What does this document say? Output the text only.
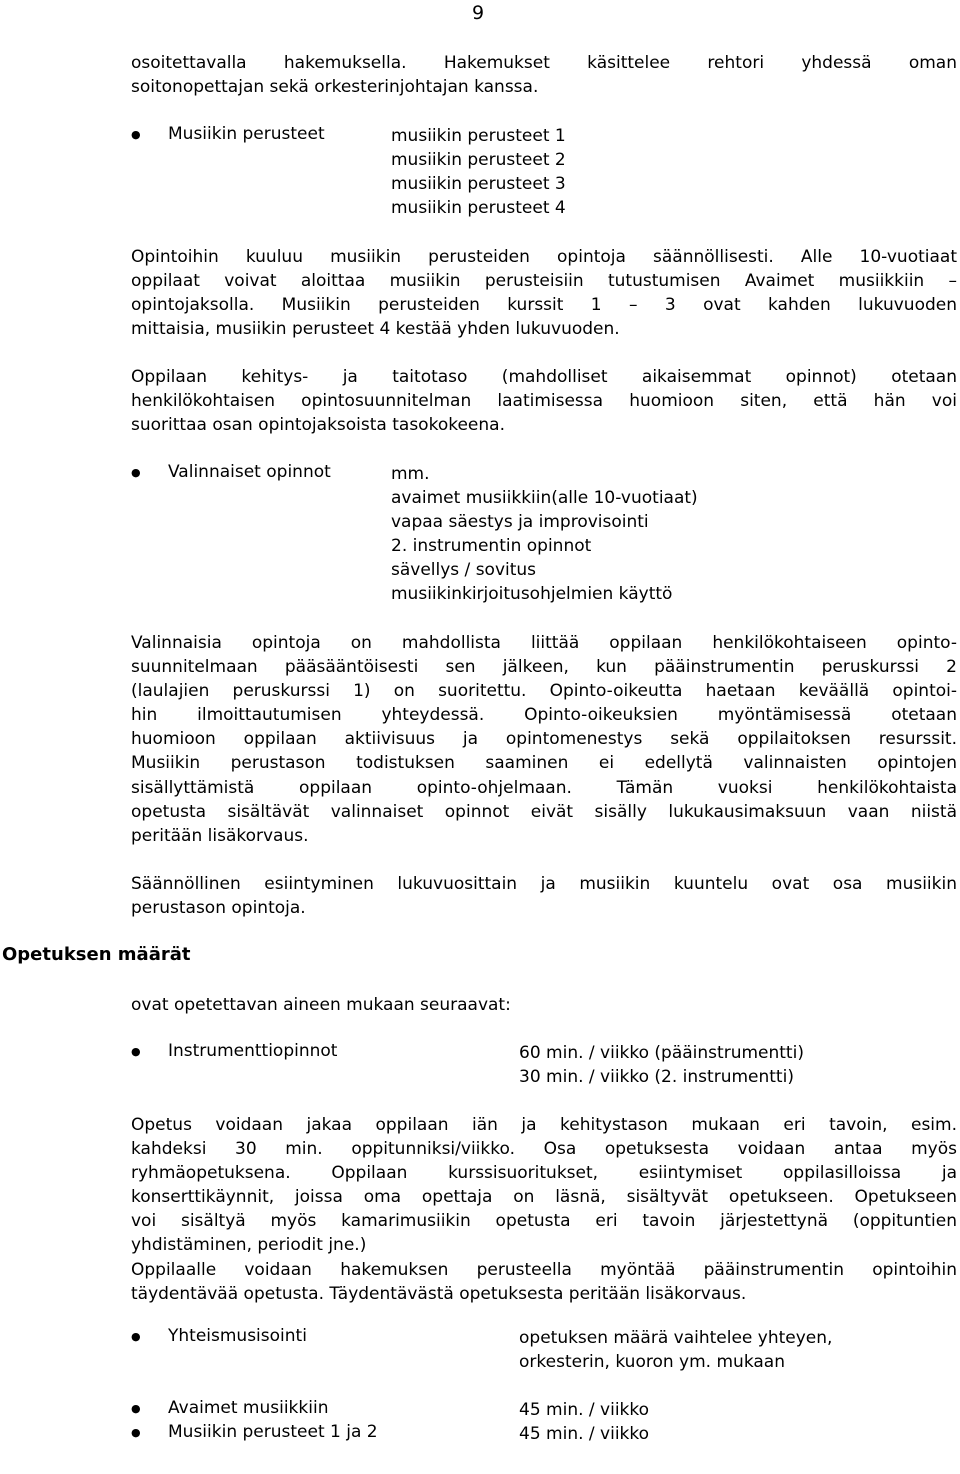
9
osoitettavalla hakemuksella. Hakemukset käsittelee rehtori yhdessä oman
soitonopettajan sekä orkesterinjohtajan kanssa.
● Musiikin perusteet	musiikin perusteet 1
musiikin perusteet 2
musiikin perusteet 3
musiikin perusteet 4
Opintoihin kuuluu musiikin perusteiden opintoja säännöllisesti. Alle 10-vuotiaat
oppilaat voivat aloittaa musiikin perusteisiin tutustumisen Avaimet musiikkiin –
opintojaksolla. Musiikin perusteiden kurssit 1 – 3 ovat kahden lukuvuoden
mittaisia, musiikin perusteet 4 kestää yhden lukuvuoden.
Oppilaan kehitys- ja taitotaso (mahdolliset aikaisemmat opinnot) otetaan
henkilökohtaisen opintosuunnitelman laatimisessa huomioon siten, että hän voi
suorittaa osan opintojaksoista tasokokeena.
● Valinnaiset opinnot	mm.
avaimet musiikkiin(alle 10-vuotiaat)
vapaa säestys ja improvisointi
2. instrumentin opinnot
sävellys / sovitus
musiikinkirjoitusohjelmien käyttö
Valinnaisia opintoja on mahdollista liittää oppilaan henkilökohtaiseen opinto-
suunnitelmaan pääsääntöisesti sen jälkeen, kun pääinstrumentin peruskurssi 2
(laulajien peruskurssi 1) on suoritettu. Opinto-oikeutta haetaan keväällä opintoi-
hin ilmoittautumisen yhteydessä. Opinto-oikeuksien myöntämisessä otetaan
huomioon oppilaan aktiivisuus ja opintomenestys sekä oppilaitoksen resurssit.
Musiikin perustason todistuksen saaminen ei edellytä valinnaisten opintojen
sisällyttämistä oppilaan opinto-ohjelmaan. Tämän vuoksi henkilökohtaista
opetusta sisältävät valinnaiset opinnot eivät sisälly lukukausimaksuun vaan niistä
peritään lisäkorvaus.
Säännöllinen esiintyminen lukuvuosittain ja musiikin kuuntelu ovat osa musiikin
perustason opintoja.
Opetuksen määrät
ovat opetettavan aineen mukaan seuraavat:
● Instrumenttiopinnot	60 min. / viikko (pääinstrumentti)
30 min. / viikko (2. instrumentti)
Opetus voidaan jakaa oppilaan iän ja kehitystason mukaan eri tavoin, esim.
kahdeksi 30 min. oppitunniksi/viikko. Osa opetuksesta voidaan antaa myös
ryhmäopetuksena. Oppilaan kurssisuoritukset, esiintymiset oppilasilloissa ja
konserttikäynnit, joissa oma opettaja on läsnä, sisältyvät opetukseen. Opetukseen
voi sisältyä myös kamarimusiikin opetusta eri tavoin järjestettynä (oppituntien
yhdistäminen, periodit jne.)
Oppilaalle voidaan hakemuksen perusteella myöntää pääinstrumentin opintoihin
täydentävää opetusta. Täydentävästä opetuksesta peritään lisäkorvaus.
● Yhteismusisointi	opetuksen määrä vaihtelee yhteyen,
orkesterin, kuoron ym. mukaan
● Avaimet musiikkiin	45 min. / viikko
● Musiikin perusteet 1 ja 2	45 min. / viikko
